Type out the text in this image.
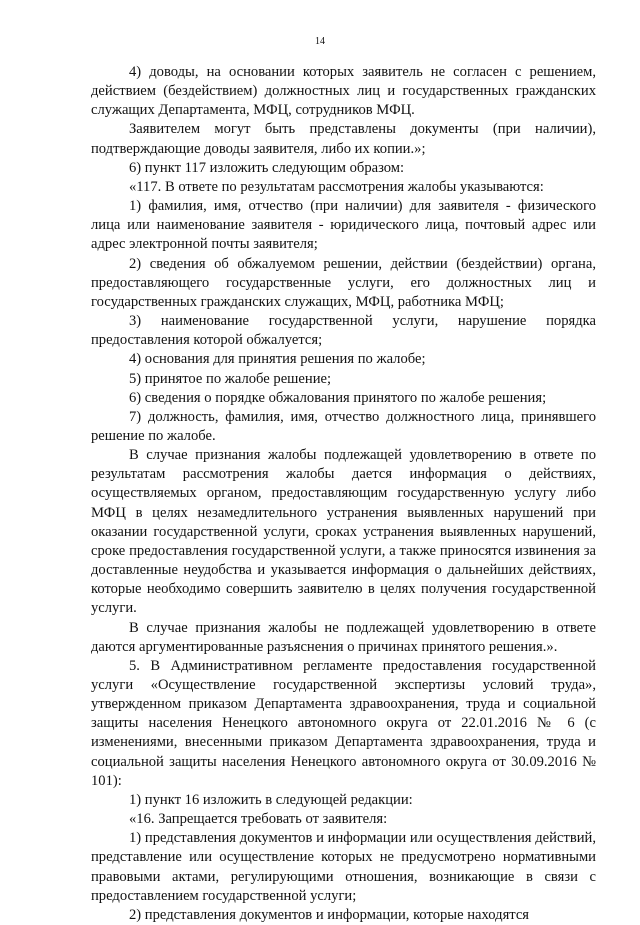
14

4) доводы, на основании которых заявитель не согласен с решением, действием (бездействием) должностных лиц и государственных гражданских служащих Департамента, МФЦ, сотрудников МФЦ.

Заявителем могут быть представлены документы (при наличии), подтверждающие доводы заявителя, либо их копии.»;

6) пункт 117 изложить следующим образом:

«117. В ответе по результатам рассмотрения жалобы указываются:

1) фамилия, имя, отчество (при наличии) для заявителя - физического лица или наименование заявителя - юридического лица, почтовый адрес или адрес электронной почты заявителя;

2) сведения об обжалуемом решении, действии (бездействии) органа, предоставляющего государственные услуги, его должностных лиц и государственных гражданских служащих, МФЦ, работника МФЦ;

3) наименование государственной услуги, нарушение порядка предоставления которой обжалуется;

4) основания для принятия решения по жалобе;

5) принятое по жалобе решение;

6) сведения о порядке обжалования принятого по жалобе решения;

7) должность, фамилия, имя, отчество должностного лица, принявшего решение по жалобе.

В случае признания жалобы подлежащей удовлетворению в ответе по результатам рассмотрения жалобы дается информация о действиях, осуществляемых органом, предоставляющим государственную услугу либо МФЦ в целях незамедлительного устранения выявленных нарушений при оказании государственной услуги, сроках устранения выявленных нарушений, сроке предоставления государственной услуги, а также приносятся извинения за доставленные неудобства и указывается информация о дальнейших действиях, которые необходимо совершить заявителю в целях получения государственной услуги.

В случае признания жалобы не подлежащей удовлетворению в ответе даются аргументированные разъяснения о причинах принятого решения.».

5. В Административном регламенте предоставления государственной услуги «Осуществление государственной экспертизы условий труда», утвержденном приказом Департамента здравоохранения, труда и социальной защиты населения Ненецкого автономного округа от 22.01.2016 № 6 (с изменениями, внесенными приказом Департамента здравоохранения, труда и социальной защиты населения Ненецкого автономного округа от 30.09.2016 № 101):

1) пункт 16 изложить в следующей редакции:

«16. Запрещается требовать от заявителя:

1) представления документов и информации или осуществления действий, представление или осуществление которых не предусмотрено нормативными правовыми актами, регулирующими отношения, возникающие в связи с предоставлением государственной услуги;

2) представления документов и информации, которые находятся
